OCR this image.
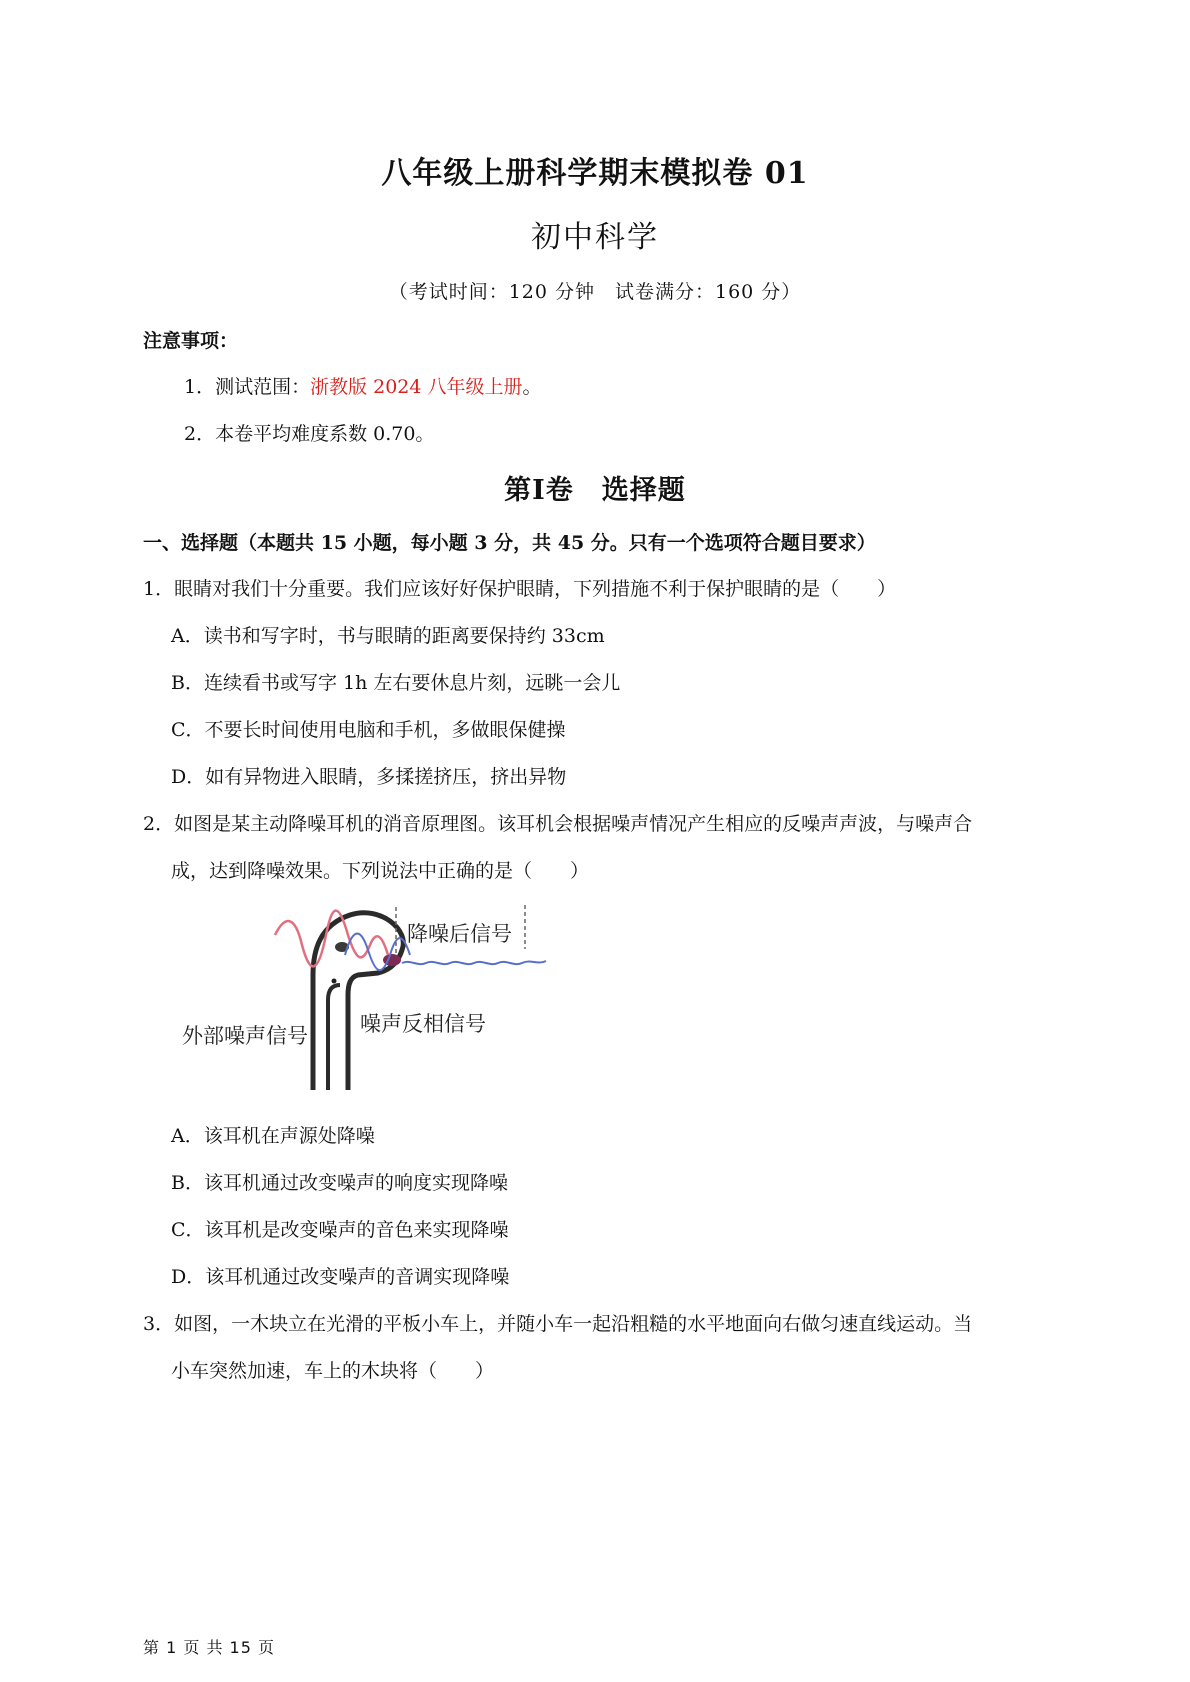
八年级上册科学期末模拟卷 01
初中科学
（考试时间：120 分钟　试卷满分：160 分）
注意事项：
1．测试范围：浙教版 2024 八年级上册。
2．本卷平均难度系数 0.70。
第Ⅰ卷　选择题
一、选择题（本题共 15 小题，每小题 3 分，共 45 分。只有一个选项符合题目要求）
1．眼睛对我们十分重要。我们应该好好保护眼睛，下列措施不利于保护眼睛的是（　　）
A．读书和写字时，书与眼睛的距离要保持约 33cm
B．连续看书或写字 1h 左右要休息片刻，远眺一会儿
C．不要长时间使用电脑和手机，多做眼保健操
D．如有异物进入眼睛，多揉搓挤压，挤出异物
2．如图是某主动降噪耳机的消音原理图。该耳机会根据噪声情况产生相应的反噪声声波，与噪声合
成，达到降噪效果。下列说法中正确的是（　　）
降噪后信号
噪声反相信号
外部噪声信号
A．该耳机在声源处降噪
B．该耳机通过改变噪声的响度实现降噪
C．该耳机是改变噪声的音色来实现降噪
D．该耳机通过改变噪声的音调实现降噪
3．如图，一木块立在光滑的平板小车上，并随小车一起沿粗糙的水平地面向右做匀速直线运动。当
小车突然加速，车上的木块将（　　）
第 1 页 共 15 页
